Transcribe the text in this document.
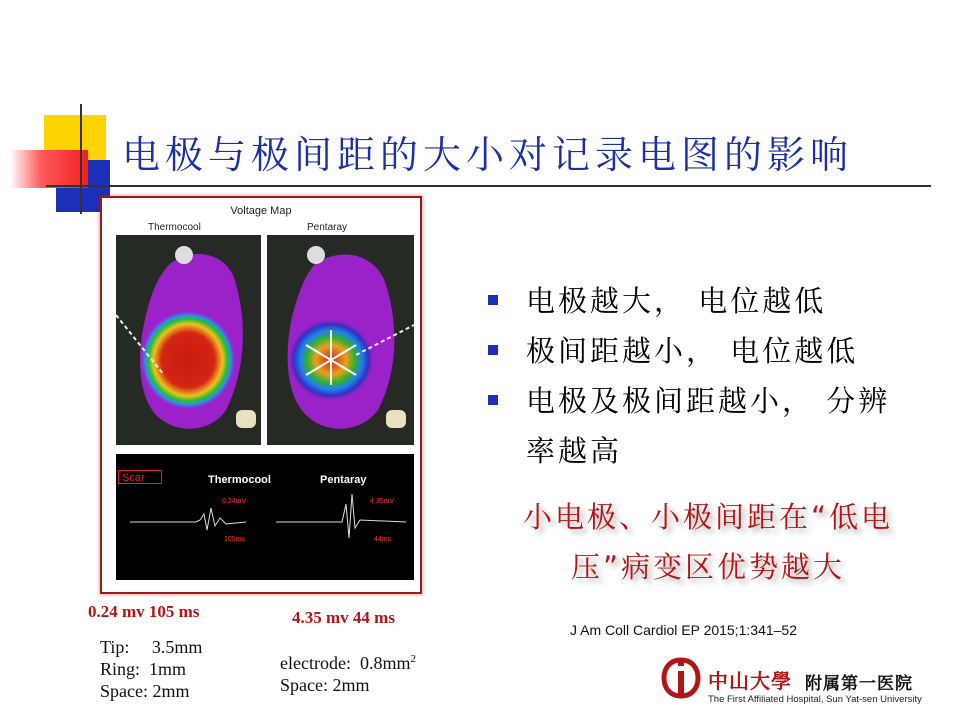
电极与极间距的大小对记录电图的影响
Voltage Map
Thermocool	Pentaray
Scar	Thermocool	Pentaray
0.24mV
105ms
4.35mV
44ms
电极越大， 电位越低
极间距越小， 电位越低
电极及极间距越小， 分辨率越高
小电极、小极间距在“低电压”病变区优势越大
J Am Coll Cardiol EP 2015;1:341–52
0.24 mv 105 ms	4.35 mv 44 ms
Tip:     3.5mm
Ring:  1mm
Space: 2mm
electrode:  $0.8mm^2$
Space: 2mm	中山大學 附属第一医院
The First Affiliated Hospital, Sun Yat-sen University
